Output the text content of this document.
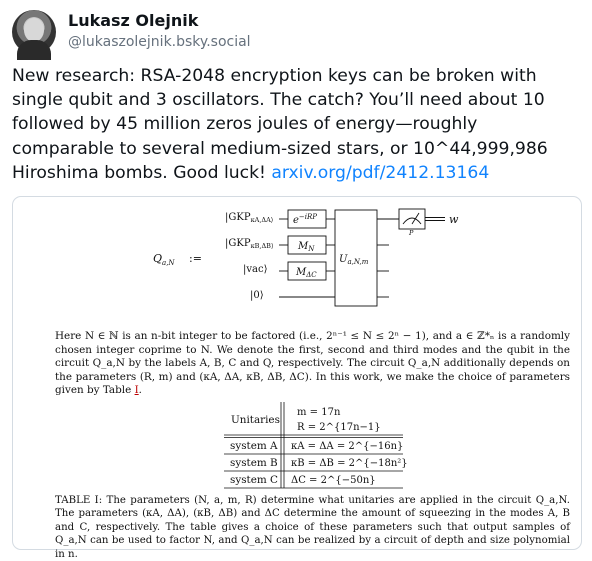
Lukasz Olejnik
@lukaszolejnik.bsky.social
New research: RSA-2048 encryption keys can be broken with single qubit and 3 oscillators. The catch? You’ll need about 10 followed by 45 million zeros joules of energy—roughly comparable to several medium-sized stars, or 10^44,999,986 Hiroshima bombs. Good luck! arxiv.org/pdf/2412.13164
$Q_{a,N}$ :=
$|GKP_{\kappa A,\Delta A⟩}$
$|GKP_{\kappa B,\Delta B⟩}$
|vac⟩
|0⟩
$e^{-iRP}$
$M_N$
$M_{\Delta C}$
$U_{a,N,m}$
P
w
Here N ∈ ℕ is an n-bit integer to be factored (i.e., 2ⁿ⁻¹ ≤ N ≤ 2ⁿ − 1), and a ∈ ℤ*ₙ is a randomly chosen integer coprime to N. We denote the first, second and third modes and the qubit in the circuit Q_a,N by the labels A, B, C and Q, respectively. The circuit Q_a,N additionally depends on the parameters (R, m) and (κA, ΔA, κB, ΔB, ΔC). In this work, we make the choice of parameters given by Table I.
Unitaries
m = 17n
R = 2^{17n−1}
system A κA = ΔA = 2^{−16n}
system B κB = ΔB = 2^{−18n²}
system C ΔC = 2^{−50n}
TABLE I: The parameters (N, a, m, R) determine what unitaries are applied in the circuit Q_a,N. The parameters (κA, ΔA), (κB, ΔB) and ΔC determine the amount of squeezing in the modes A, B and C, respectively. The table gives a choice of these parameters such that output samples of Q_a,N can be used to factor N, and Q_a,N can be realized by a circuit of depth and size polynomial in n.
